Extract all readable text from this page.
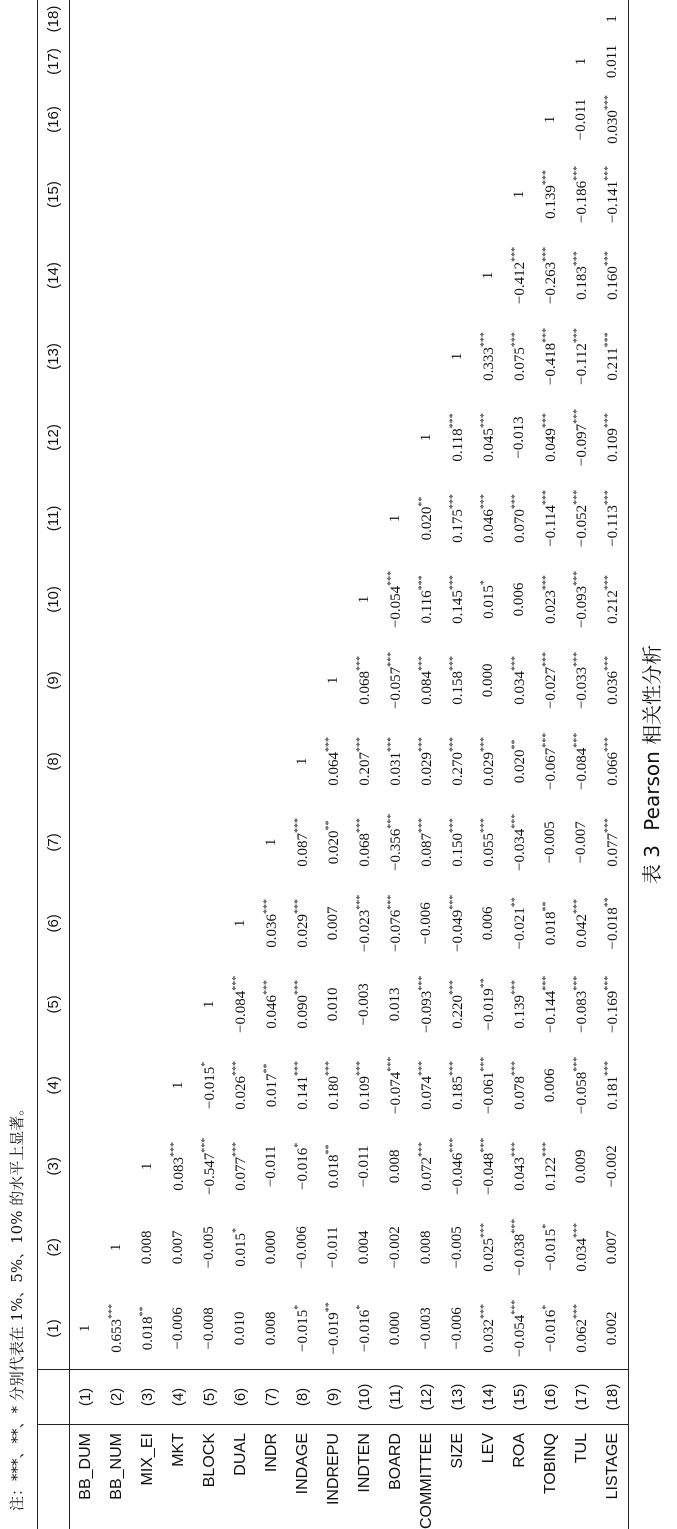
表 3 Pearson 相关性分析
		(1)	(2)	(3)	(4)	(5)	(6)	(7)	(8)	(9)	(10)	(11)	(12)	(13)	(14)	(15)	(16)	(17)	(18)
BB_DUM	(1)	1																	
BB_NUM	(2)	0.653***	1																
MIX_EI	(3)	0.018**	0.008	1															
MKT	(4)	−0.006	0.007	0.083***	1														
BLOCK	(5)	−0.008	−0.005	−0.547***	−0.015*	1													
DUAL	(6)	0.010	0.015*	0.077***	0.026***	−0.084***	1												
INDR	(7)	0.008	0.000	−0.011	0.017**	0.046***	0.036***	1											
INDAGE	(8)	−0.015*	−0.006	−0.016*	0.141***	0.090***	0.029***	0.087***	1										
INDREPU	(9)	−0.019**	−0.011	0.018**	0.180***	0.010	0.007	0.020**	0.064***	1									
INDTEN	(10)	−0.016*	0.004	−0.011	0.109***	−0.003	−0.023***	0.068***	0.207***	0.068***	1								
BOARD	(11)	0.000	−0.002	0.008	−0.074***	0.013	−0.076***	−0.356***	0.031***	−0.057***	−0.054***	1							
COMMITTEE	(12)	−0.003	0.008	0.072***	0.074***	−0.093***	−0.006	0.087***	0.029***	0.084***	0.116***	0.020**	1						
SIZE	(13)	−0.006	−0.005	−0.046***	0.185***	0.220***	−0.049***	0.150***	0.270***	0.158***	0.145***	0.175***	0.118***	1					
LEV	(14)	0.032***	0.025***	−0.048***	−0.061***	−0.019**	0.006	0.055***	0.029***	0.000	0.015*	0.046***	0.045***	0.333***	1				
ROA	(15)	−0.054***	−0.038***	0.043***	0.078***	0.139***	−0.021**	−0.034***	0.020**	0.034***	0.006	0.070***	−0.013	0.075***	−0.412***	1			
TOBINQ	(16)	−0.016*	−0.015*	0.122***	0.006	−0.144***	0.018**	−0.005	−0.067***	−0.027***	0.023***	−0.114***	0.049***	−0.418***	−0.263***	0.139***	1		
TUL	(17)	0.062***	0.034***	0.009	−0.058***	−0.083***	0.042***	−0.007	−0.084***	−0.033***	−0.093***	−0.052***	−0.097***	−0.112***	0.183***	−0.186***	−0.011	1	
LISTAGE	(18)	0.002	0.007	−0.002	0.181***	−0.169***	−0.018**	0.077***	0.066***	0.036***	0.212***	−0.113***	0.109***	0.211***	0.160***	−0.141***	0.030***	0.011	1
注：***、**、* 分别代表在 1%、5%、10% 的水平上显著。
